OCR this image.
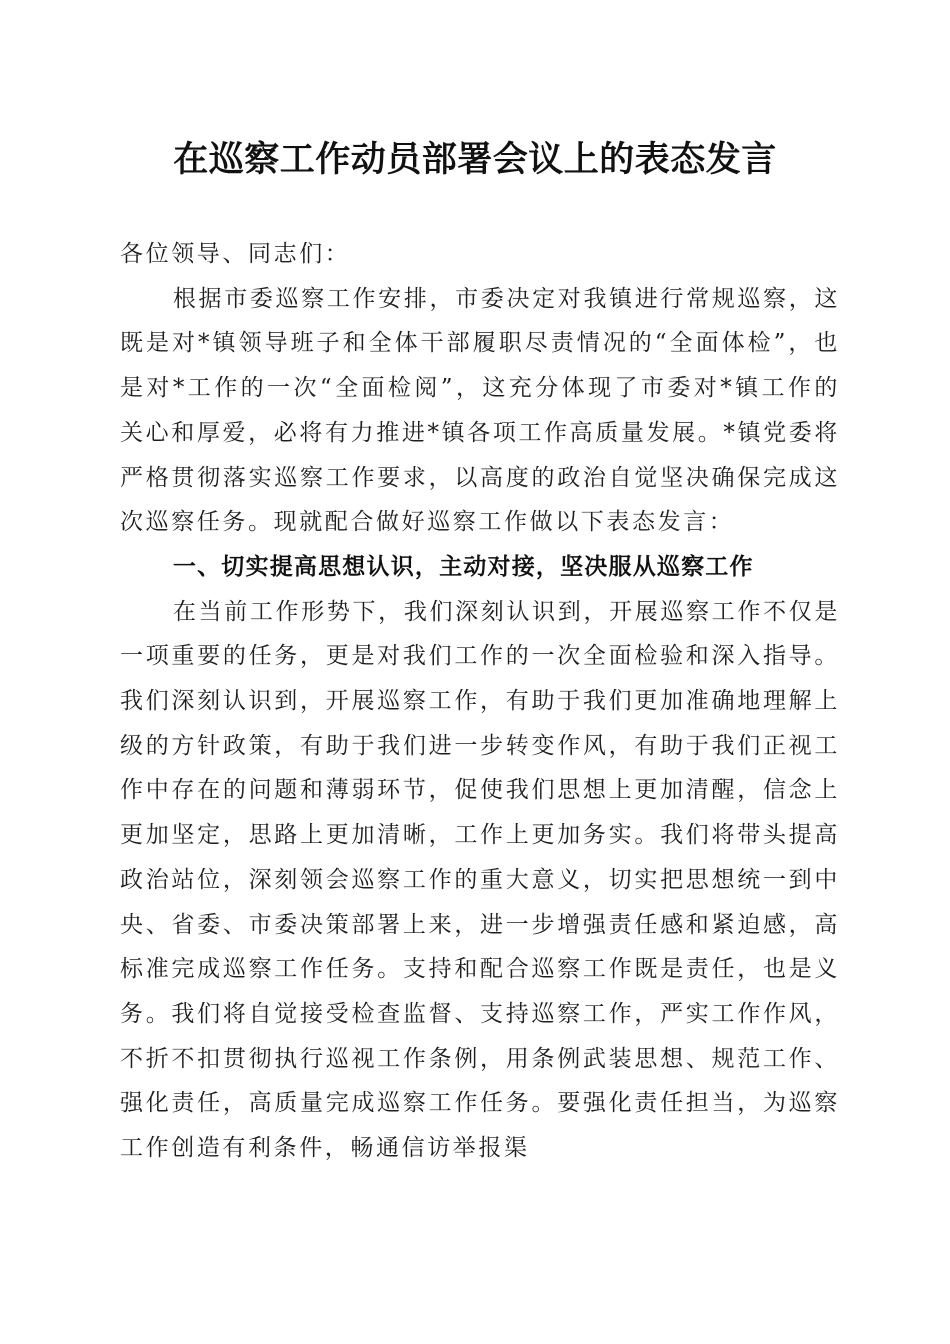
在巡察工作动员部署会议上的表态发言

各位领导、同志们：

根据市委巡察工作安排，市委决定对我镇进行常规巡察，这既是对*镇领导班子和全体干部履职尽责情况的“全面体检”，也是对*工作的一次“全面检阅”，这充分体现了市委对*镇工作的关心和厚爱，必将有力推进*镇各项工作高质量发展。*镇党委将严格贯彻落实巡察工作要求，以高度的政治自觉坚决确保完成这次巡察任务。现就配合做好巡察工作做以下表态发言：

一、切实提高思想认识，主动对接，坚决服从巡察工作

在当前工作形势下，我们深刻认识到，开展巡察工作不仅是一项重要的任务，更是对我们工作的一次全面检验和深入指导。我们深刻认识到，开展巡察工作，有助于我们更加准确地理解上级的方针政策，有助于我们进一步转变作风，有助于我们正视工作中存在的问题和薄弱环节，促使我们思想上更加清醒，信念上更加坚定，思路上更加清晰，工作上更加务实。我们将带头提高政治站位，深刻领会巡察工作的重大意义，切实把思想统一到中央、省委、市委决策部署上来，进一步增强责任感和紧迫感，高标准完成巡察工作任务。支持和配合巡察工作既是责任，也是义务。我们将自觉接受检查监督、支持巡察工作，严实工作作风，不折不扣贯彻执行巡视工作条例，用条例武装思想、规范工作、强化责任，高质量完成巡察工作任务。要强化责任担当，为巡察工作创造有利条件，畅通信访举报渠
